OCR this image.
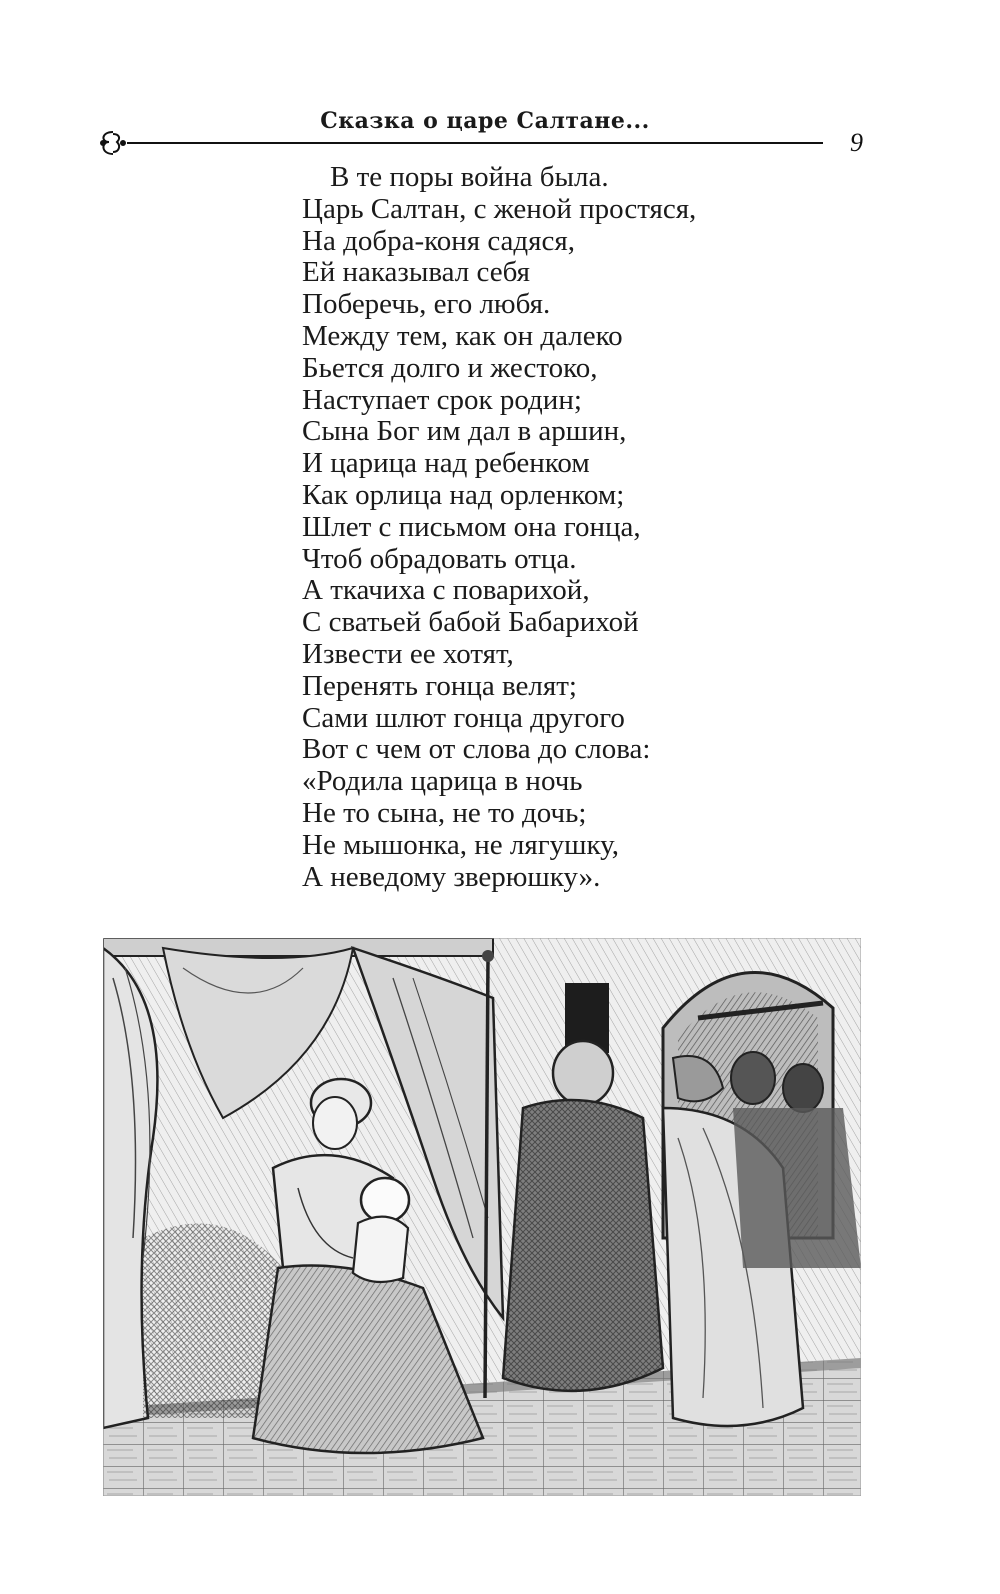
Сказка о царе Салтане...
9
В те поры война была.
Царь Салтан, с женой простяся,
На добра-коня садяся,
Ей наказывал себя
Поберечь, его любя.
Между тем, как он далеко
Бьется долго и жестоко,
Наступает срок родин;
Сына Бог им дал в аршин,
И царица над ребенком
Как орлица над орленком;
Шлет с письмом она гонца,
Чтоб обрадовать отца.
А ткачиха с поварихой,
С сватьей бабой Бабарихой
Извести ее хотят,
Перенять гонца велят;
Сами шлют гонца другого
Вот с чем от слова до слова:
«Родила царица в ночь
Не то сына, не то дочь;
Не мышонка, не лягушку,
А неведому зверюшку».
